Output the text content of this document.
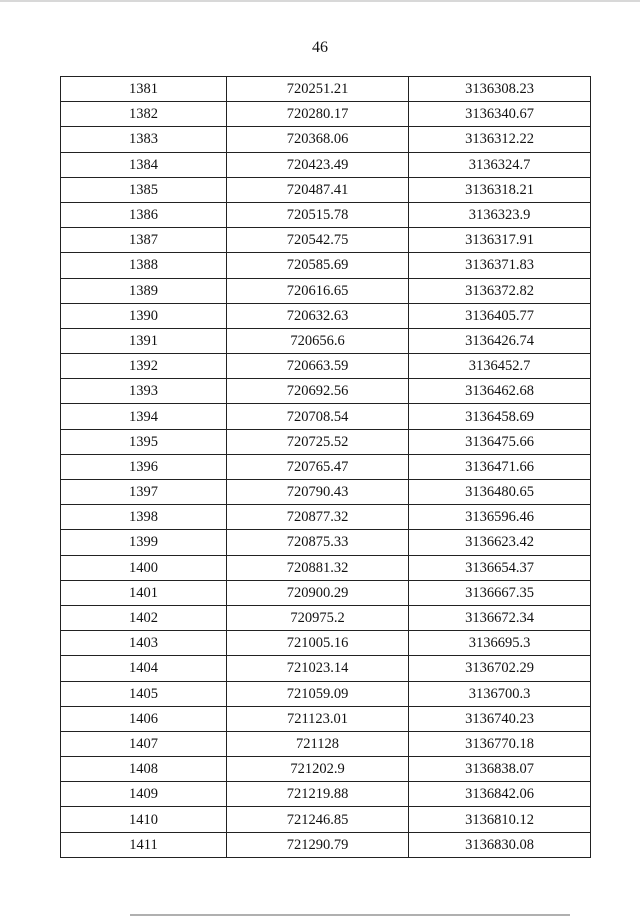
46
1381	720251.21	3136308.23
1382	720280.17	3136340.67
1383	720368.06	3136312.22
1384	720423.49	3136324.7
1385	720487.41	3136318.21
1386	720515.78	3136323.9
1387	720542.75	3136317.91
1388	720585.69	3136371.83
1389	720616.65	3136372.82
1390	720632.63	3136405.77
1391	720656.6	3136426.74
1392	720663.59	3136452.7
1393	720692.56	3136462.68
1394	720708.54	3136458.69
1395	720725.52	3136475.66
1396	720765.47	3136471.66
1397	720790.43	3136480.65
1398	720877.32	3136596.46
1399	720875.33	3136623.42
1400	720881.32	3136654.37
1401	720900.29	3136667.35
1402	720975.2	3136672.34
1403	721005.16	3136695.3
1404	721023.14	3136702.29
1405	721059.09	3136700.3
1406	721123.01	3136740.23
1407	721128	3136770.18
1408	721202.9	3136838.07
1409	721219.88	3136842.06
1410	721246.85	3136810.12
1411	721290.79	3136830.08
